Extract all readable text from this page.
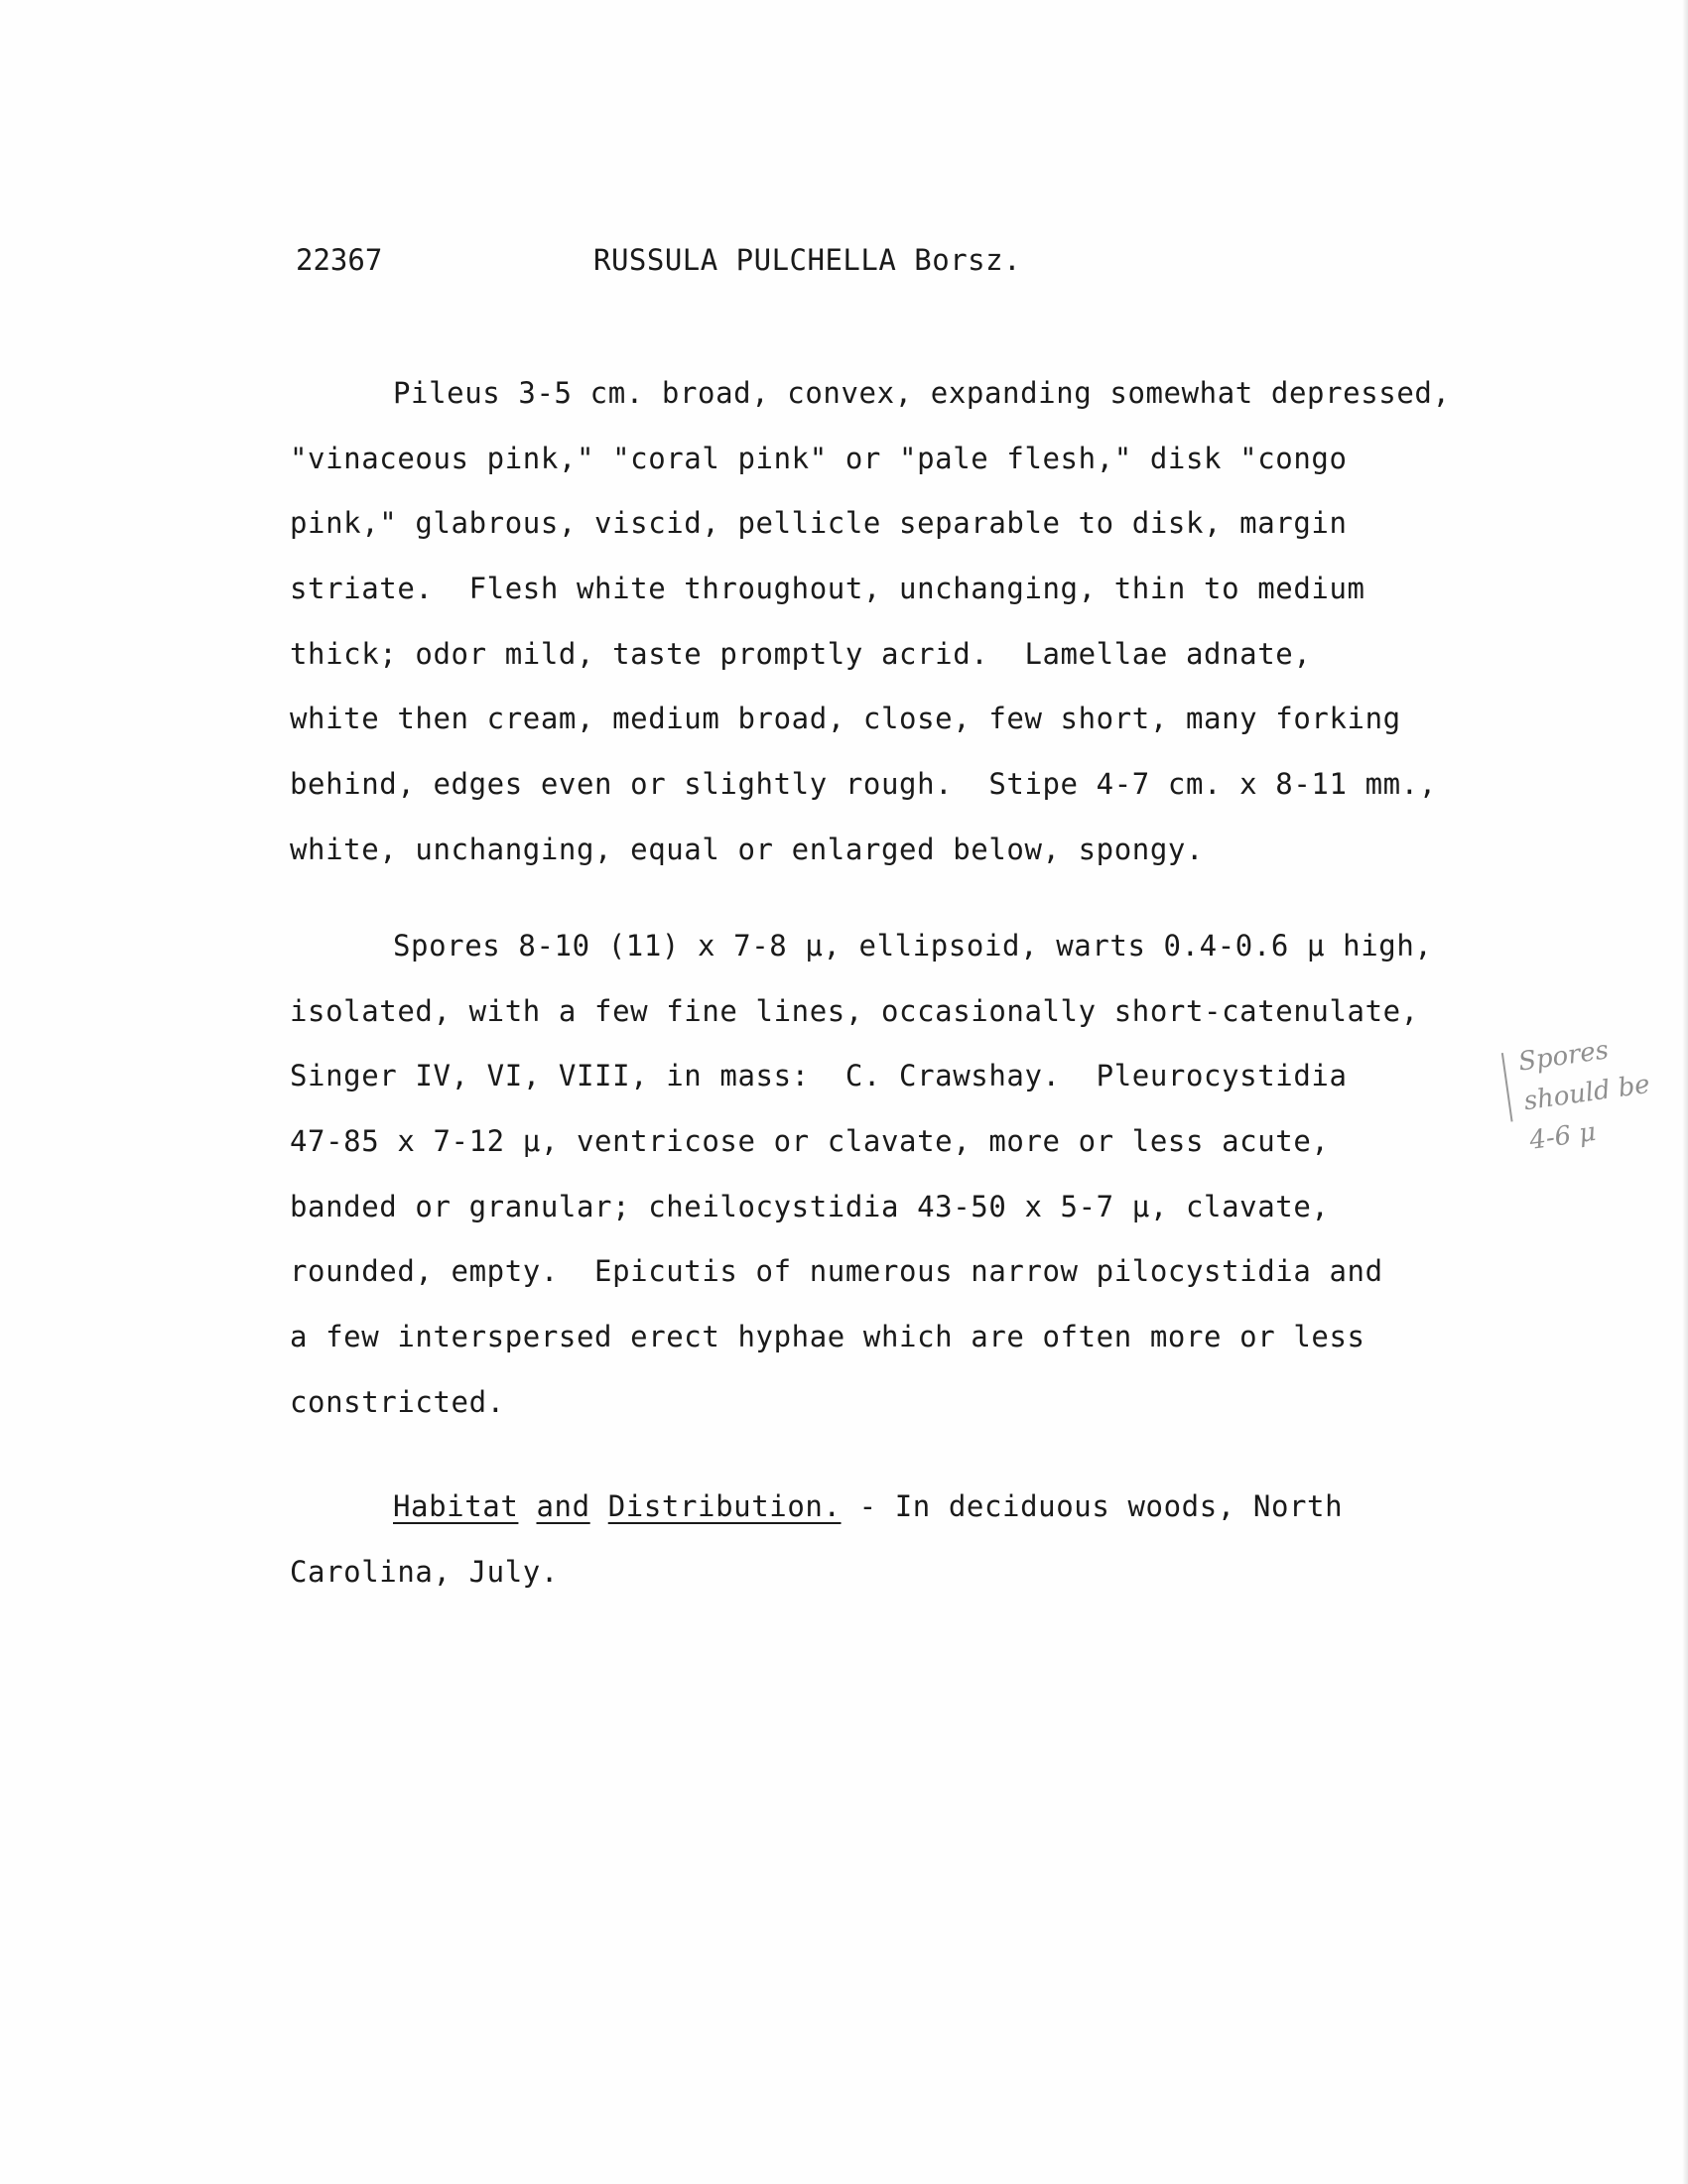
22367	RUSSULA PULCHELLA Borsz.
Pileus 3-5 cm. broad, convex, expanding somewhat depressed,
"vinaceous pink," "coral pink" or "pale flesh," disk "congo
pink," glabrous, viscid, pellicle separable to disk, margin
striate.  Flesh white throughout, unchanging, thin to medium
thick; odor mild, taste promptly acrid.  Lamellae adnate,
white then cream, medium broad, close, few short, many forking
behind, edges even or slightly rough.  Stipe 4-7 cm. x 8-11 mm.,
white, unchanging, equal or enlarged below, spongy.
Spores 8-10 (11) x 7-8 μ, ellipsoid, warts 0.4-0.6 μ high,
isolated, with a few fine lines, occasionally short-catenulate,
Singer IV, VI, VIII, in mass:  C. Crawshay.  Pleurocystidia
47-85 x 7-12 μ, ventricose or clavate, more or less acute,
banded or granular; cheilocystidia 43-50 x 5-7 μ, clavate,
rounded, empty.  Epicutis of numerous narrow pilocystidia and
a few interspersed erect hyphae which are often more or less
constricted.
Habitat and Distribution. - In deciduous woods, North
Carolina, July.
Spores
should be
4-6 μ
